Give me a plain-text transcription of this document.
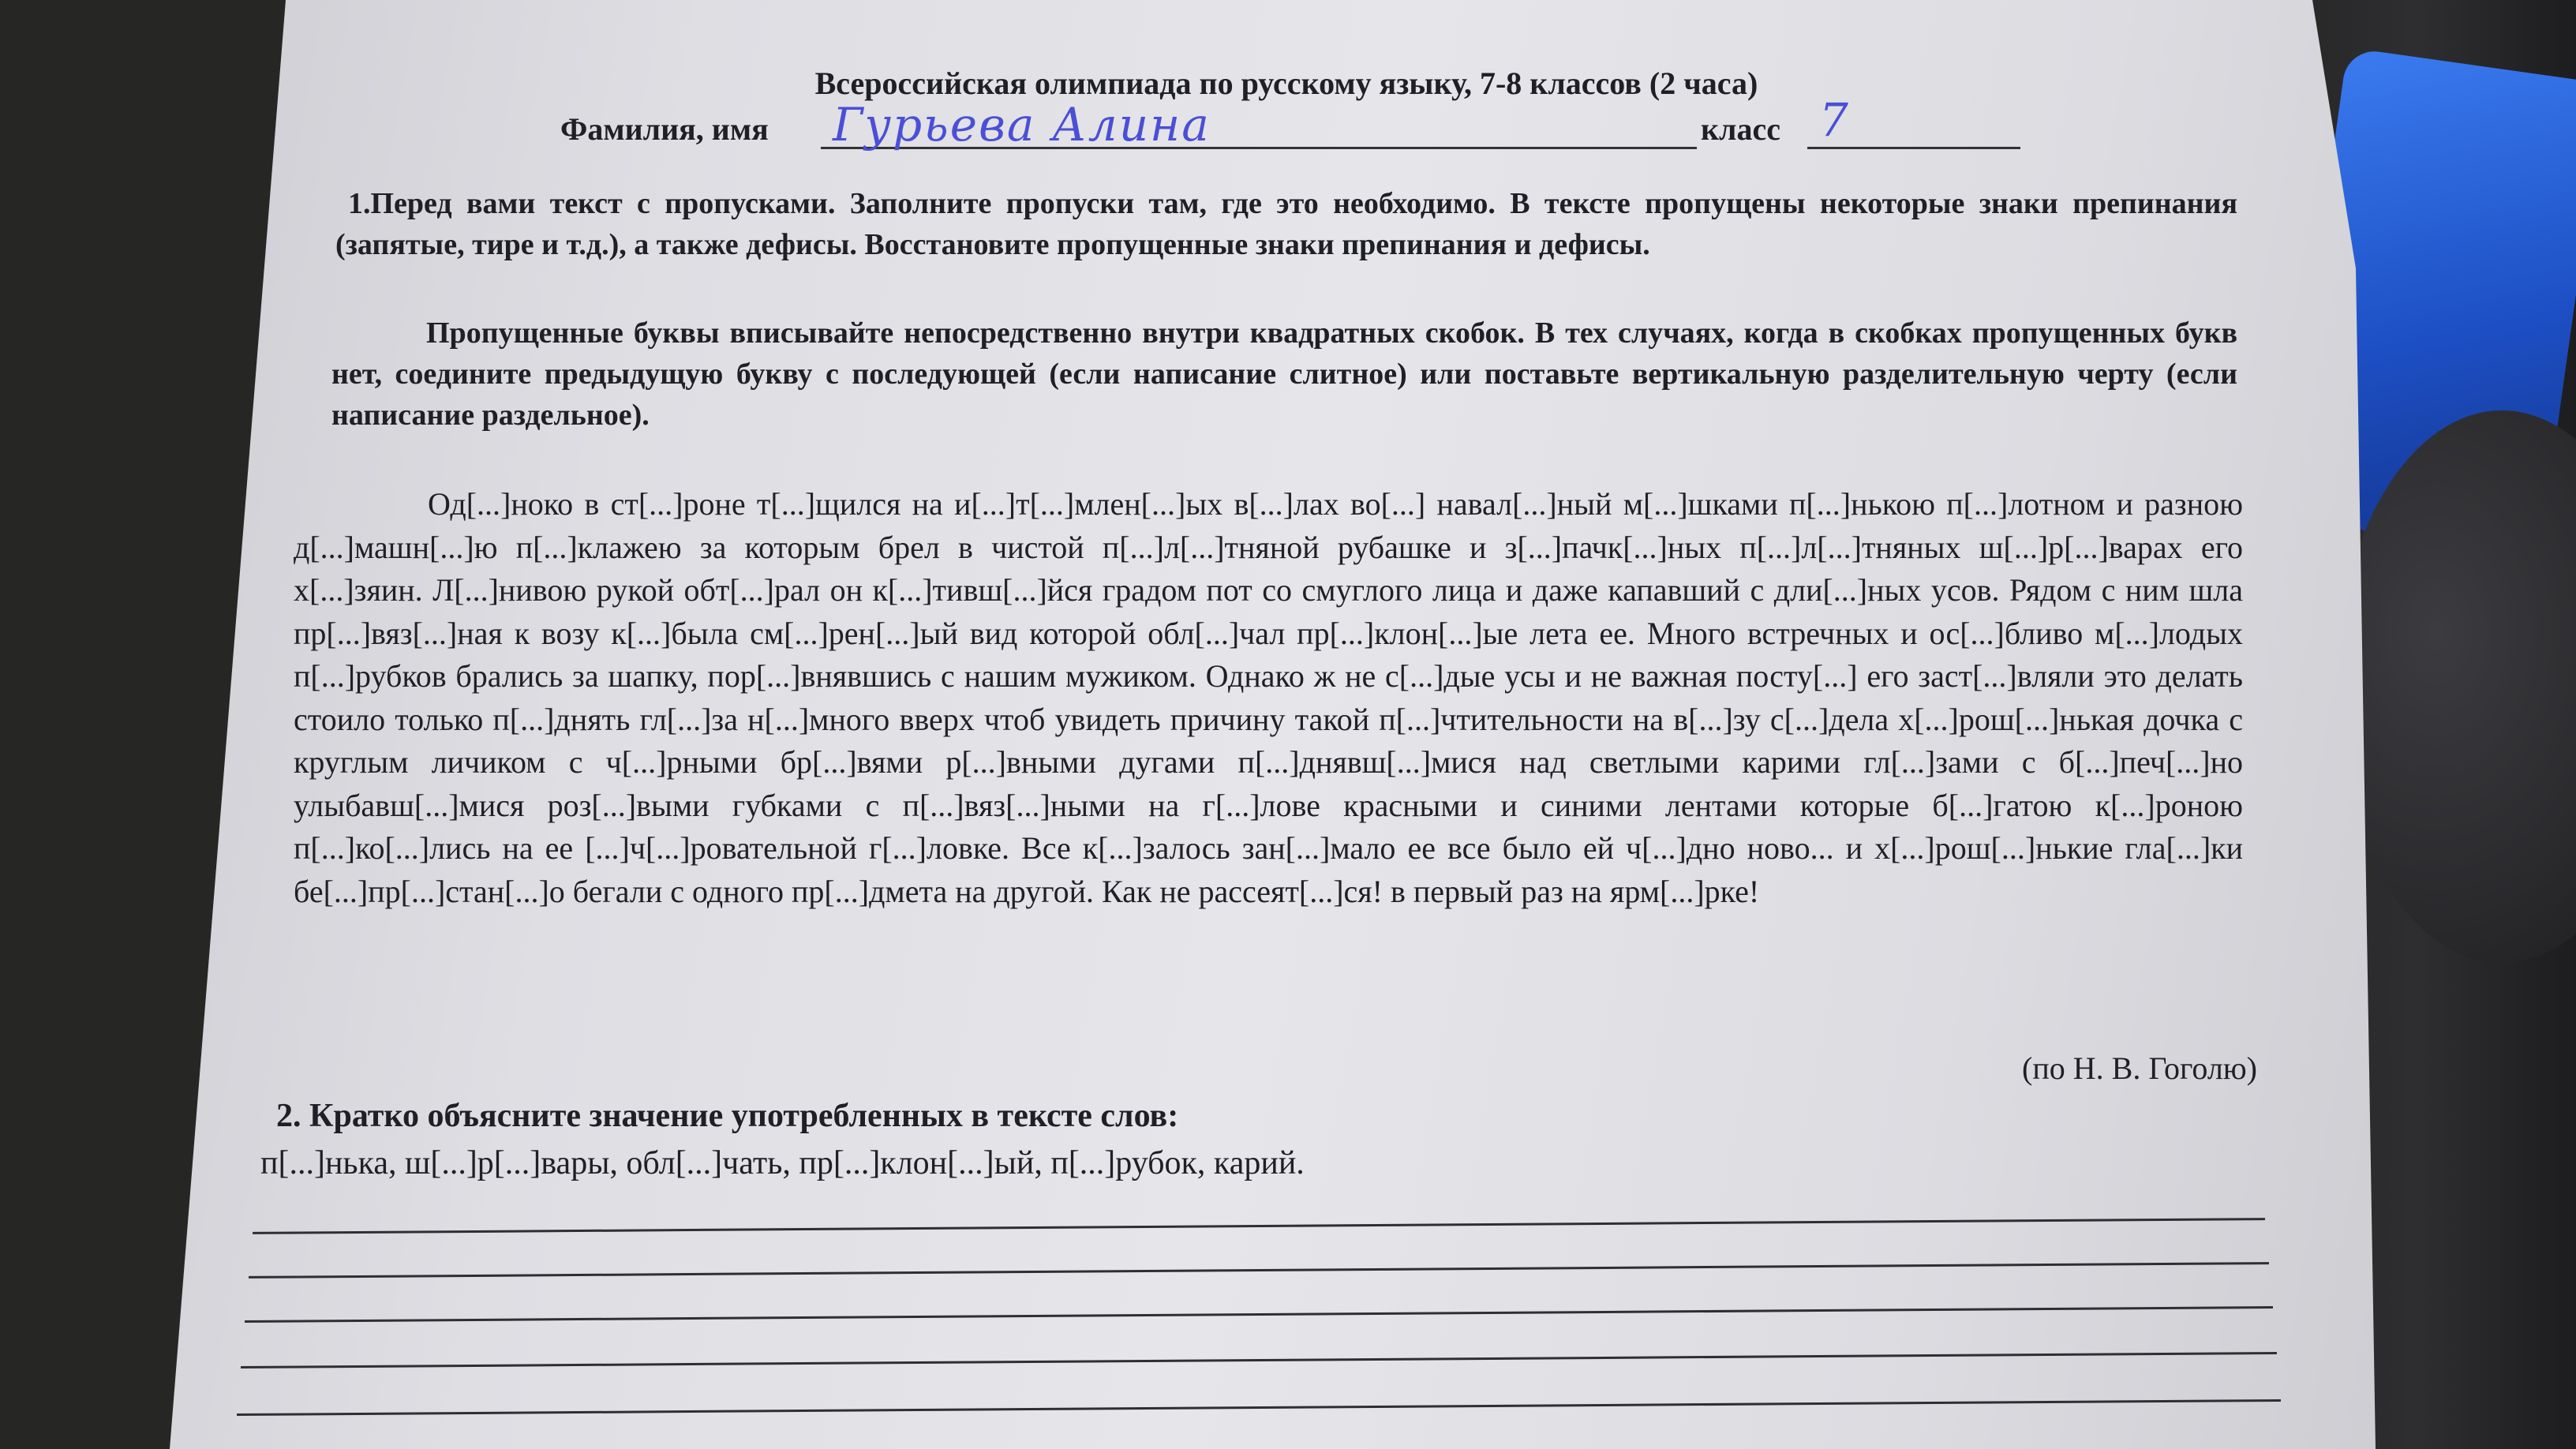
Всероссийская олимпиада по русскому языку, 7-8 классов (2 часа)
Фамилия, имя Гурьева Алина	класс 7
1.Перед вами текст с пропусками. Заполните пропуски там, где это необходимо. В тексте пропущены некоторые знаки препинания (запятые, тире и т.д.), а также дефисы. Восстановите пропущенные знаки препинания и дефисы.
Пропущенные буквы вписывайте непосредственно внутри квадратных скобок. В тех случаях, когда в скобках пропущенных букв нет, соедините предыдущую букву с последующей (если написание слитное) или поставьте вертикальную разделительную черту (если написание раздельное).
Од[...]ноко в ст[...]роне т[...]щился на и[...]т[...]млен[...]ых в[...]лах во[...] навал[...]ный м[...]шками п[...]нькою п[...]лотном и разною д[...]машн[...]ю п[...]клажею за которым брел в чистой п[...]л[...]тняной рубашке и з[...]пачк[...]ных п[...]л[...]тняных ш[...]р[...]варах его х[...]зяин. Л[...]нивою рукой обт[...]рал он к[...]тивш[...]йся градом пот со смуглого лица и даже капавший с дли[...]ных усов. Рядом с ним шла пр[...]вяз[...]ная к возу к[...]была см[...]рен[...]ый вид которой обл[...]чал пр[...]клон[...]ые лета ее. Много встречных и ос[...]бливо м[...]лодых п[...]рубков брались за шапку, пор[...]внявшись с нашим мужиком. Однако ж не с[...]дые усы и не важная посту[...] его заст[...]вляли это делать стоило только п[...]днять гл[...]за н[...]много вверх чтоб увидеть причину такой п[...]чтительности на в[...]зу с[...]дела х[...]рош[...]нькая дочка с круглым личиком с ч[...]рными бр[...]вями р[...]вными дугами п[...]днявш[...]мися над светлыми карими гл[...]зами с б[...]печ[...]но улыбавш[...]мися роз[...]выми губками с п[...]вяз[...]ными на г[...]лове красными и синими лентами которые б[...]гатою к[...]роною п[...]ко[...]лись на ее [...]ч[...]ровательной г[...]ловке. Все к[...]залось зан[...]мало ее все было ей ч[...]дно ново... и х[...]рош[...]нькие гла[...]ки бе[...]пр[...]стан[...]о бегали с одного пр[...]дмета на другой. Как не рассеят[...]ся! в первый раз на ярм[...]рке!
(по Н. В. Гоголю)
2. Кратко объясните значение употребленных в тексте слов:
п[...]нька, ш[...]р[...]вары, обл[...]чать, пр[...]клон[...]ый, п[...]рубок, карий.
